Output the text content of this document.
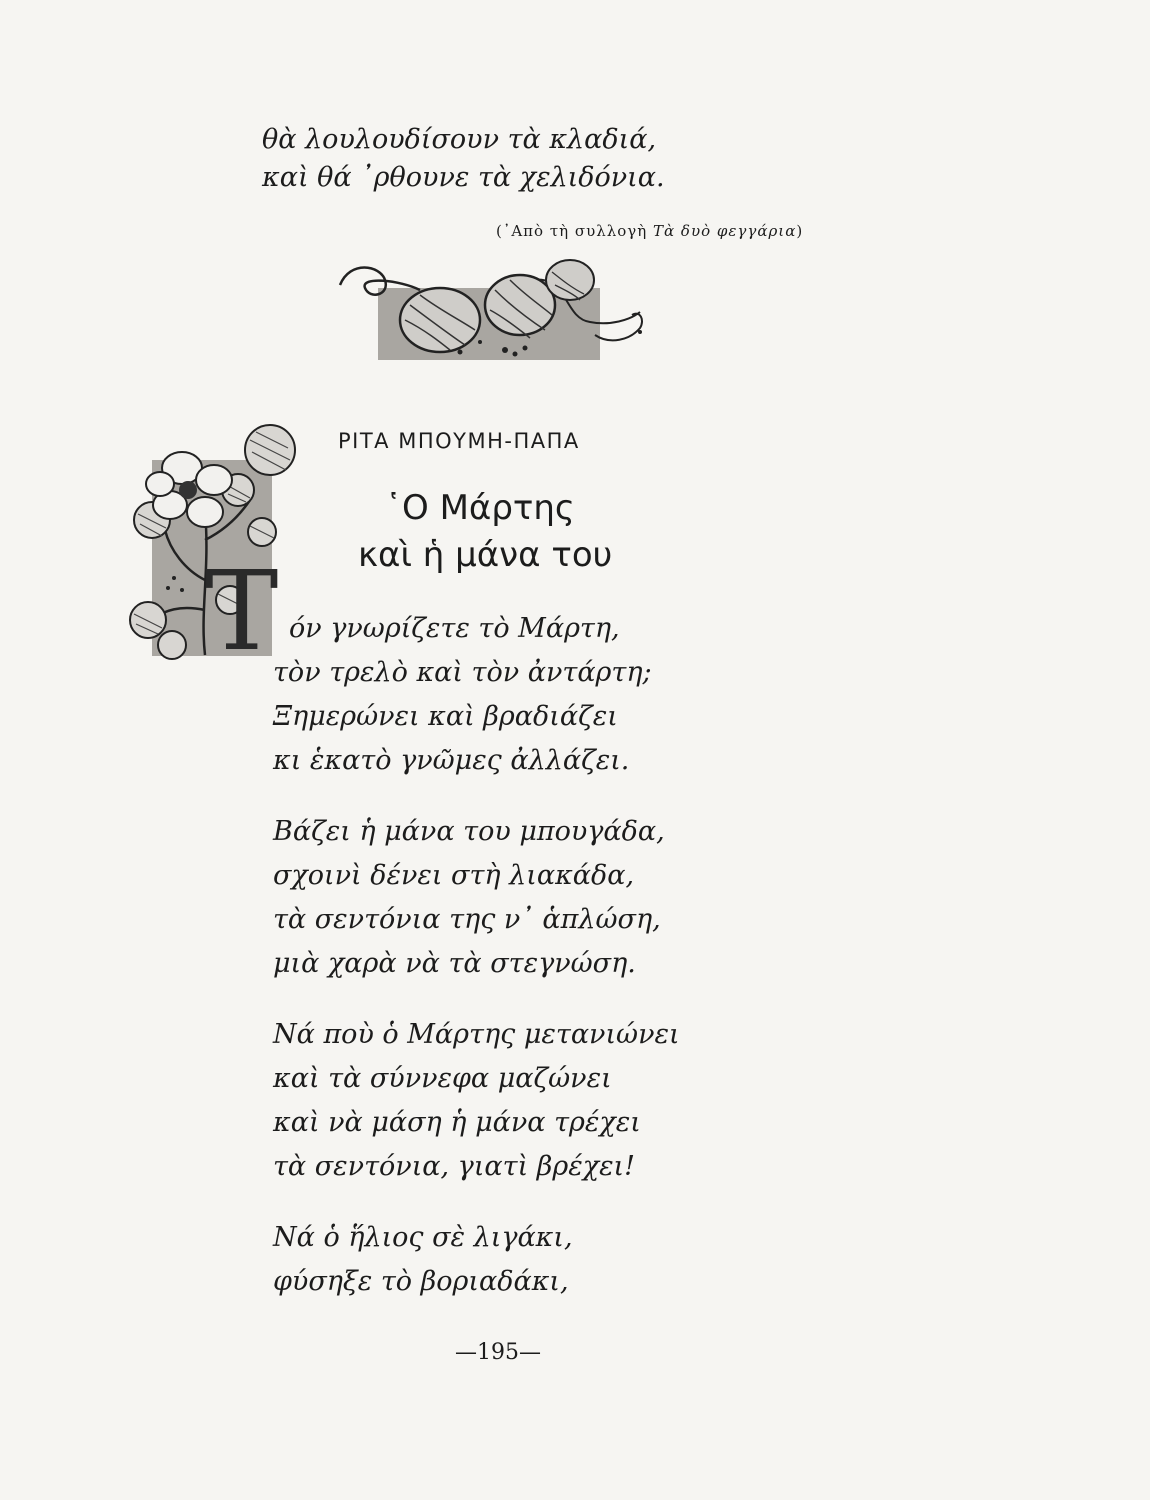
θὰ λουλουδίσουν τὰ κλαδιά,
καὶ θά ᾽ρθουνε τὰ χελιδόνια.
(᾽Απὸ τὴ συλλογὴ Τὰ δυὸ φεγγάρια)
ΡΙΤΑ ΜΠΟΥΜΗ-ΠΑΠΑ
῾Ο Μάρτης
καὶ ἡ μάνα του
T όν γνωρίζετε τὸ Μάρτη,
τὸν τρελὸ καὶ τὸν ἀντάρτη;
Ξημερώνει καὶ βραδιάζει
κι ἑκατὸ γνῶμες ἀλλάζει.
Βάζει ἡ μάνα του μπουγάδα,
σχοινὶ δένει στὴ λιακάδα,
τὰ σεντόνια της ν᾽ ἁπλώση,
μιὰ χαρὰ νὰ τὰ στεγνώση.
Νά ποὺ ὁ Μάρτης μετανιώνει
καὶ τὰ σύννεφα μαζώνει
καὶ νὰ μάση ἡ μάνα τρέχει
τὰ σεντόνια, γιατὶ βρέχει!
Νά ὁ ἥλιος σὲ λιγάκι,
φύσηξε τὸ βοριαδάκι,
—195—
